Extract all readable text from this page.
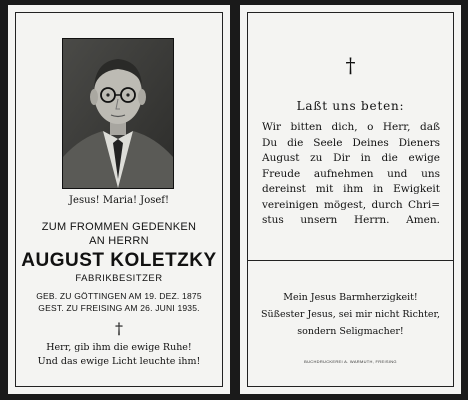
Jesus! Maria! Josef!
ZUM FROMMEN GEDENKEN
AN HERRN
AUGUST KOLETZKY
FABRIKBESITZER
GEB. ZU GÖTTINGEN AM 19. DEZ. 1875
GEST. ZU FREISING AM 26. JUNI 1935.
†
Herr, gib ihm die ewige Ruhe!
Und das ewige Licht leuchte ihm!
†
Laßt uns beten:
Wir bitten dich, o Herr, daß
Du die Seele Deines Dieners
August zu Dir in die ewige
Freude aufnehmen und uns
dereinst mit ihm in Ewigkeit
vereinigen mögest, durch Chri=
stus unsern Herrn. Amen.
Mein Jesus Barmherzigkeit!
Süßester Jesus, sei mir nicht Richter,
sondern Seligmacher!
BUCHDRUCKEREI A. WARMUTH, FREISING
